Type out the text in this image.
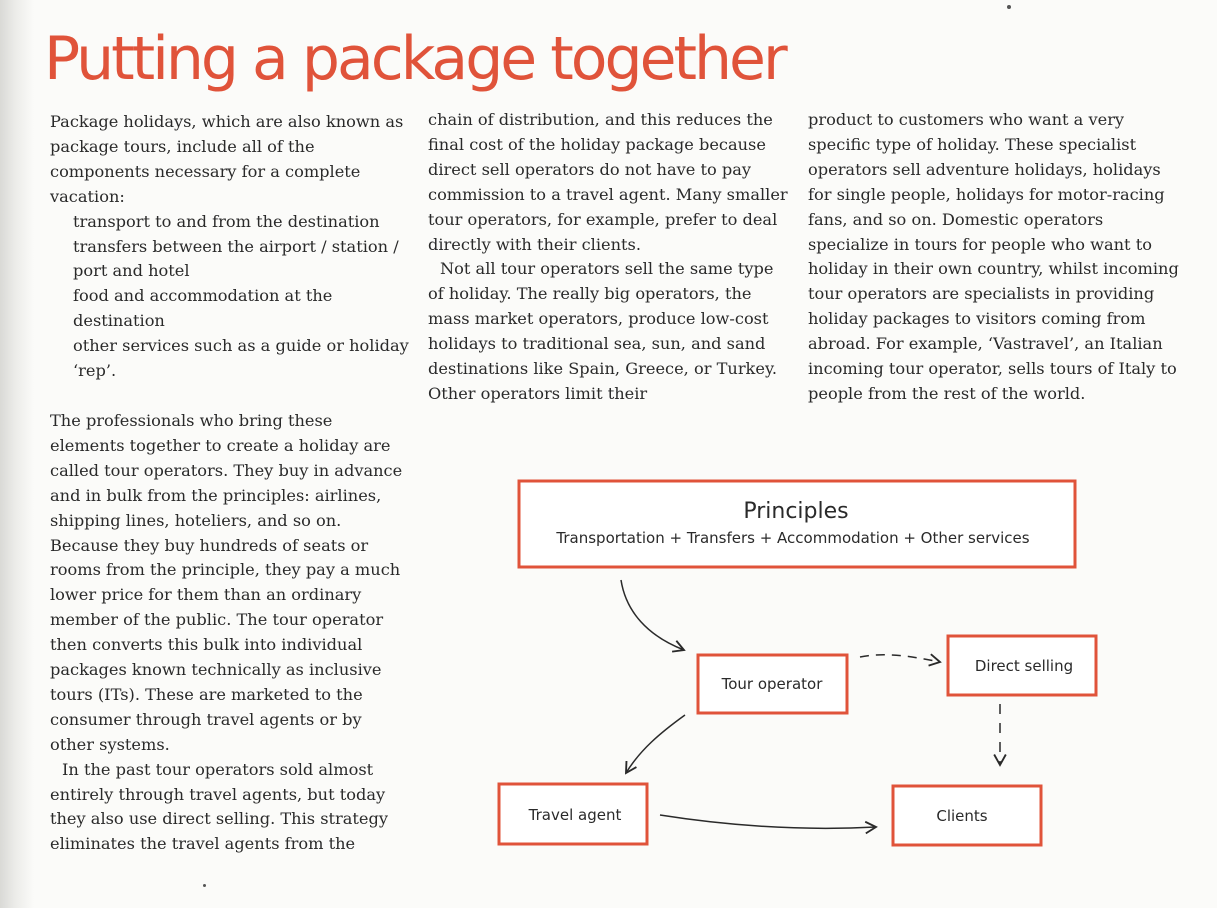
Putting a package together

Package holidays, which are also known as package tours, include all of the components necessary for a complete vacation:

transport to and from the destination
transfers between the airport / station / port and hotel
food and accommodation at the destination
other services such as a guide or holiday ‘rep’.

The professionals who bring these elements together to create a holiday are called tour operators. They buy in advance and in bulk from the principles: airlines, shipping lines, hoteliers, and so on. Because they buy hundreds of seats or rooms from the principle, they pay a much lower price for them than an ordinary member of the public. The tour operator then converts this bulk into individual packages known technically as inclusive tours (ITs). These are marketed to the consumer through travel agents or by other systems.

In the past tour operators sold almost entirely through travel agents, but today they also use direct selling. This strategy eliminates the travel agents from the

chain of distribution, and this reduces the final cost of the holiday package because direct sell operators do not have to pay commission to a travel agent. Many smaller tour operators, for example, prefer to deal directly with their clients.

Not all tour operators sell the same type of holiday. The really big operators, the mass market operators, produce low-cost holidays to traditional sea, sun, and sand destinations like Spain, Greece, or Turkey. Other operators limit their

product to customers who want a very specific type of holiday. These specialist operators sell adventure holidays, holidays for single people, holidays for motor-racing fans, and so on. Domestic operators specialize in tours for people who want to holiday in their own country, whilst incoming tour operators are specialists in providing holiday packages to visitors coming from abroad. For example, ‘Vastravel’, an Italian incoming tour operator, sells tours of Italy to people from the rest of the world.

Principles
Transportation + Transfers + Accommodation + Other services
Tour operator
Direct selling
Travel agent	Clients
